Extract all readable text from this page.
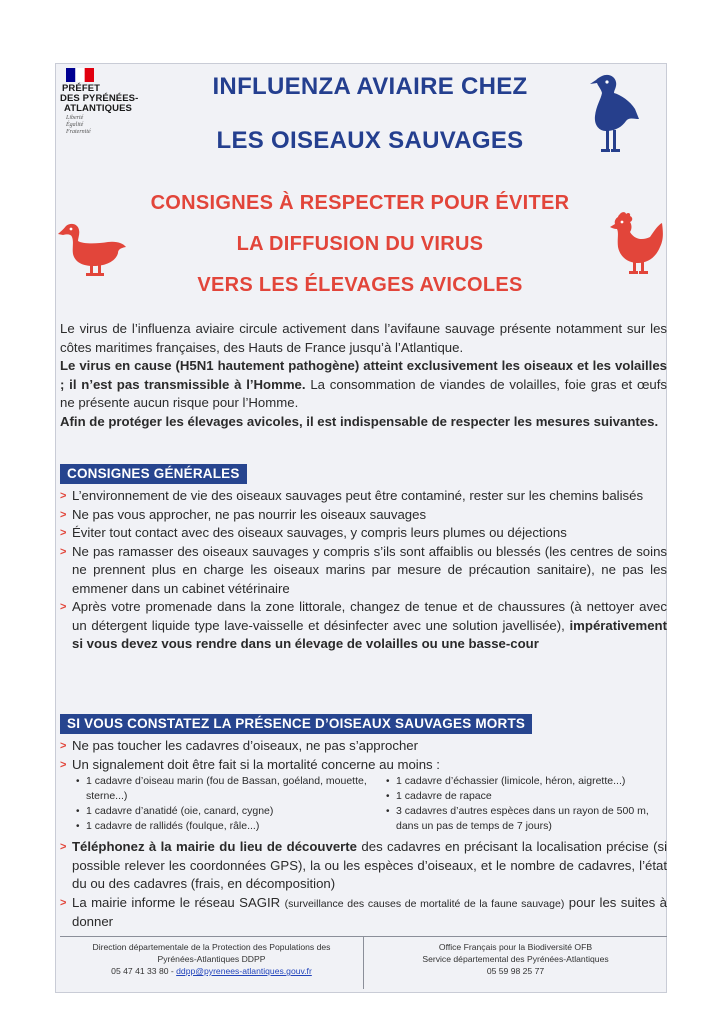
PRÉFET
DES PYRÉNÉES-
ATLANTIQUES
Liberté
Égalité
Fraternité
INFLUENZA AVIAIRE CHEZ
LES OISEAUX SAUVAGES
CONSIGNES À RESPECTER POUR ÉVITER
LA DIFFUSION DU VIRUS
VERS LES ÉLEVAGES AVICOLES
Le virus de l’influenza aviaire circule activement dans l’avifaune sauvage présente notamment sur les côtes maritimes françaises, des Hauts de France jusqu’à l’Atlantique.
Le virus en cause (H5N1 hautement pathogène) atteint exclusivement les oiseaux et les volailles ; il n’est pas transmissible à l’Homme. La consommation de viandes de volailles, foie gras et œufs ne présente aucun risque pour l’Homme.
Afin de protéger les élevages avicoles, il est indispensable de respecter les mesures suivantes.
CONSIGNES GÉNÉRALES
> L’environnement de vie des oiseaux sauvages peut être contaminé, rester sur les chemins balisés
> Ne pas vous approcher, ne pas nourrir les oiseaux sauvages
> Éviter tout contact avec des oiseaux sauvages, y compris leurs plumes ou déjections
> Ne pas ramasser des oiseaux sauvages y compris s’ils sont affaiblis ou blessés (les centres de soins ne prennent plus en charge les oiseaux marins par mesure de précaution sanitaire), ne pas les emmener dans un cabinet vétérinaire
> Après votre promenade dans la zone littorale, changez de tenue et de chaussures (à nettoyer avec un détergent liquide type lave-vaisselle et désinfecter avec une solution javellisée), impérativement si vous devez vous rendre dans un élevage de volailles ou une basse-cour
SI VOUS CONSTATEZ LA PRÉSENCE D’OISEAUX SAUVAGES MORTS
> Ne pas toucher les cadavres d’oiseaux, ne pas s’approcher
> Un signalement doit être fait si la mortalité concerne au moins :
• 1 cadavre d’oiseau marin (fou de Bassan, goéland, mouette, sterne...)
• 1 cadavre d’anatidé (oie, canard, cygne)
• 1 cadavre de rallidés (foulque, râle...)
• 1 cadavre d’échassier (limicole, héron, aigrette...)
• 1 cadavre de rapace
• 3 cadavres d’autres espèces dans un rayon de 500 m, dans un pas de temps de 7 jours)
> Téléphonez à la mairie du lieu de découverte des cadavres en précisant la localisation précise (si possible relever les coordonnées GPS), la ou les espèces d’oiseaux, et le nombre de cadavres, l’état du ou des cadavres (frais, en décomposition)
> La mairie informe le réseau SAGIR (surveillance des causes de mortalité de la faune sauvage) pour les suites à donner
Direction départementale de la Protection des Populations des
Pyrénées-Atlantiques DDPP
05 47 41 33 80 - ddpp@pyrenees-atlantiques.gouv.fr
Office Français pour la Biodiversité OFB
Service départemental des Pyrénées-Atlantiques
05 59 98 25 77
